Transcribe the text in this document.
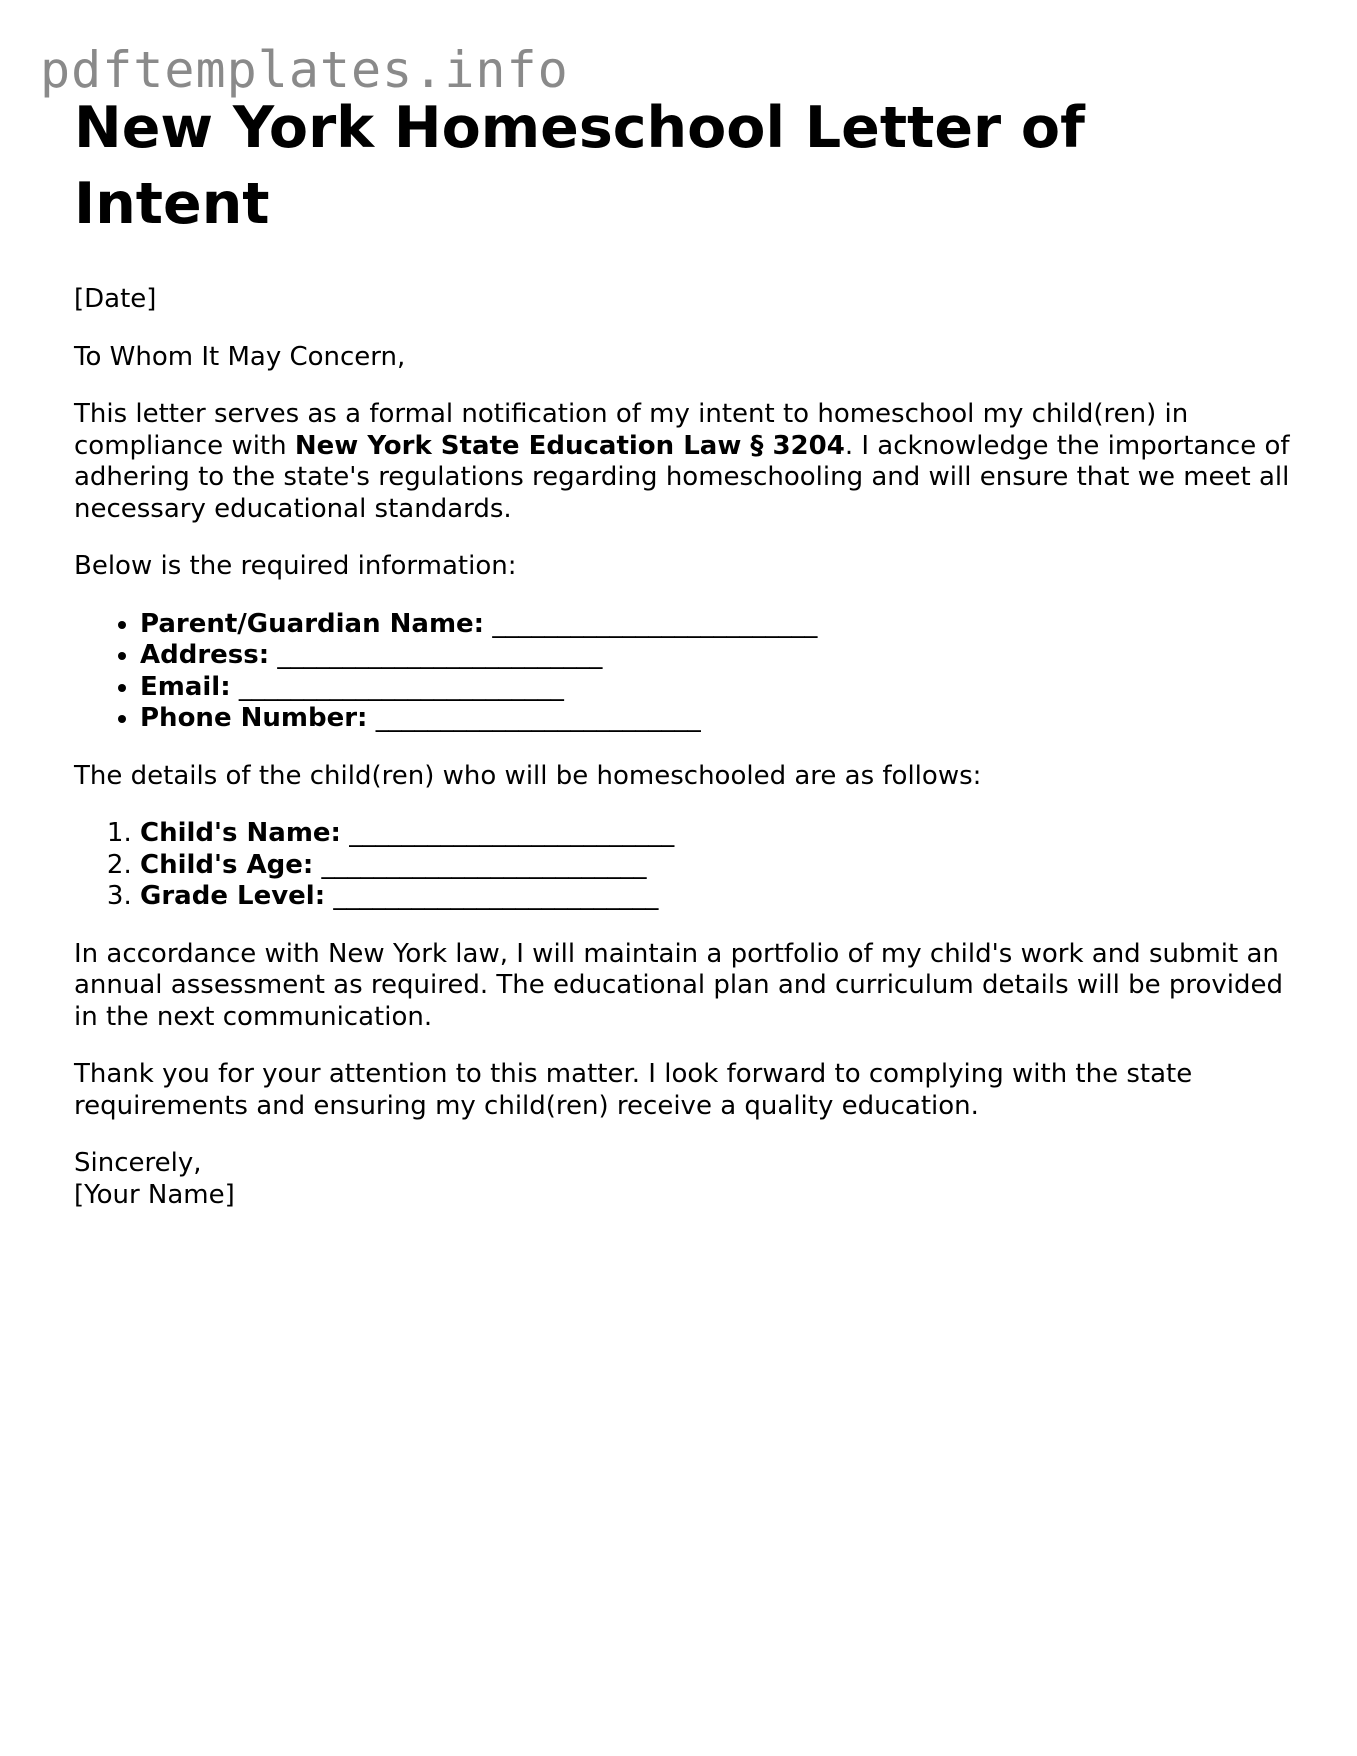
pdftemplates.info
New York Homeschool Letter of Intent

[Date]

To Whom It May Concern,

This letter serves as a formal notification of my intent to homeschool my child(ren) in compliance with New York State Education Law § 3204. I acknowledge the importance of adhering to the state's regulations regarding homeschooling and will ensure that we meet all necessary educational standards.

Below is the required information:

• Parent/Guardian Name: _________________________
• Address: _________________________
• Email: _________________________
• Phone Number: _________________________

The details of the child(ren) who will be homeschooled are as follows:

1. Child's Name: _________________________
2. Child's Age: _________________________
3. Grade Level: _________________________

In accordance with New York law, I will maintain a portfolio of my child's work and submit an annual assessment as required. The educational plan and curriculum details will be provided in the next communication.

Thank you for your attention to this matter. I look forward to complying with the state requirements and ensuring my child(ren) receive a quality education.

Sincerely,
[Your Name]
